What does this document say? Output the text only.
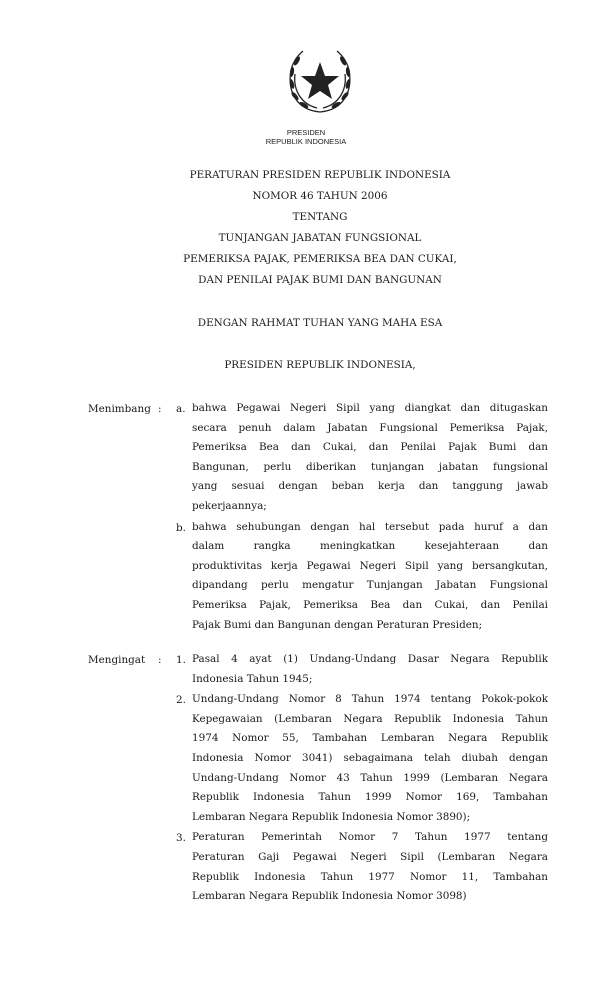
PRESIDEN
REPUBLIK INDONESIA
PERATURAN PRESIDEN REPUBLIK INDONESIA
NOMOR 46 TAHUN 2006
TENTANG
TUNJANGAN JABATAN FUNGSIONAL
PEMERIKSA PAJAK, PEMERIKSA BEA DAN CUKAI,
DAN PENILAI PAJAK BUMI DAN BANGUNAN
DENGAN RAHMAT TUHAN YANG MAHA ESA
PRESIDEN REPUBLIK INDONESIA,
Menimbang : a. bahwa Pegawai Negeri Sipil yang diangkat dan ditugaskan
secara penuh dalam Jabatan Fungsional Pemeriksa Pajak,
Pemeriksa Bea dan Cukai, dan Penilai Pajak Bumi dan
Bangunan, perlu diberikan tunjangan jabatan fungsional
yang sesuai dengan beban kerja dan tanggung jawab
pekerjaannya;
b. bahwa sehubungan dengan hal tersebut pada huruf a dan
dalam rangka meningkatkan kesejahteraan dan
produktivitas kerja Pegawai Negeri Sipil yang bersangkutan,
dipandang perlu mengatur Tunjangan Jabatan Fungsional
Pemeriksa Pajak, Pemeriksa Bea dan Cukai, dan Penilai
Pajak Bumi dan Bangunan dengan Peraturan Presiden;
Mengingat : 1. Pasal 4 ayat (1) Undang-Undang Dasar Negara Republik
Indonesia Tahun 1945;
2. Undang-Undang Nomor 8 Tahun 1974 tentang Pokok-pokok
Kepegawaian (Lembaran Negara Republik Indonesia Tahun
1974 Nomor 55, Tambahan Lembaran Negara Republik
Indonesia Nomor 3041) sebagaimana telah diubah dengan
Undang-Undang Nomor 43 Tahun 1999 (Lembaran Negara
Republik Indonesia Tahun 1999 Nomor 169, Tambahan
Lembaran Negara Republik Indonesia Nomor 3890);
3. Peraturan Pemerintah Nomor 7 Tahun 1977 tentang
Peraturan Gaji Pegawai Negeri Sipil (Lembaran Negara
Republik Indonesia Tahun 1977 Nomor 11, Tambahan
Lembaran Negara Republik Indonesia Nomor 3098)
